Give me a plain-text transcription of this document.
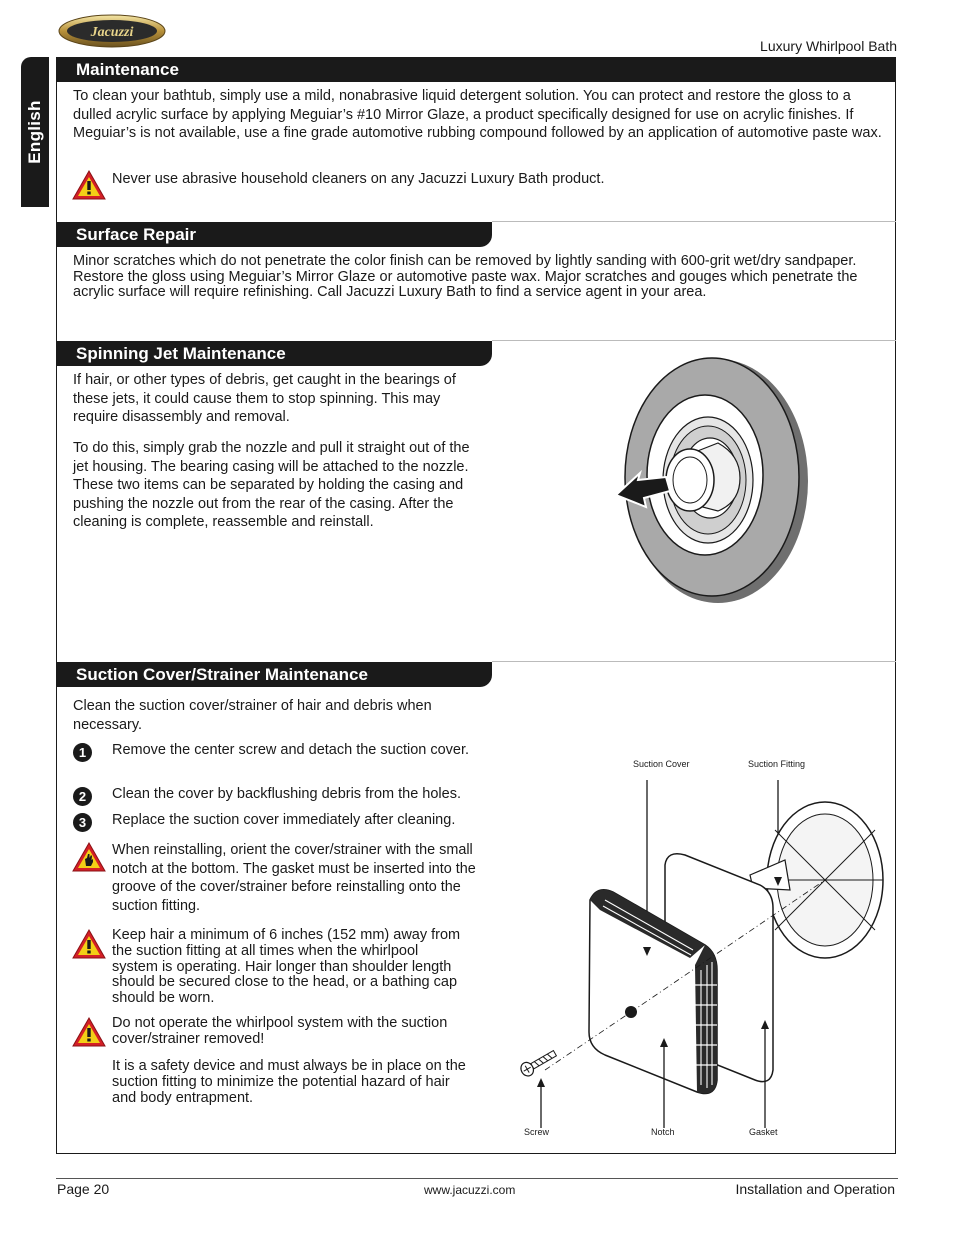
Jacuzzi
Luxury Whirlpool Bath
English
Maintenance
To clean your bathtub, simply use a mild, nonabrasive liquid detergent solution. You can protect and restore the gloss to a dulled acrylic surface by applying Meguiar’s #10 Mirror Glaze, a product specifically designed for use on acrylic finishes. If Meguiar’s is not available, use a fine grade automotive rubbing compound followed by an application of automotive paste wax.
Never use abrasive household cleaners on any Jacuzzi Luxury Bath product.
Surface Repair
Minor scratches which do not penetrate the color finish can be removed by lightly sanding with 600-grit wet/dry sandpaper. Restore the gloss using Meguiar’s Mirror Glaze or automotive paste wax. Major scratches and gouges which penetrate the acrylic surface will require refinishing. Call Jacuzzi Luxury Bath to find a service agent in your area.
Spinning Jet Maintenance
If hair, or other types of debris, get caught in the bearings of these jets, it could cause them to stop spinning. This may require disassembly and removal.
To do this, simply grab the nozzle and pull it straight out of the jet housing. The bearing casing will be attached to the nozzle. These two items can be separated by holding the casing and pushing the nozzle out from the rear of the casing. After the cleaning is complete, reassemble and reinstall.
Suction Cover/Strainer Maintenance
Clean the suction cover/strainer of hair and debris when necessary.
1	Remove the center screw and detach the suction cover.
2	Clean the cover by backflushing debris from the holes.
3	Replace the suction cover immediately after cleaning.
When reinstalling, orient the cover/strainer with the small notch at the bottom. The gasket must be inserted into the groove of the cover/strainer before reinstalling onto the suction fitting.
Keep hair a minimum of 6 inches (152 mm) away from the suction fitting at all times when the whirlpool system is operating. Hair longer than shoulder length should be secured close to the head, or a bathing cap should be worn.
Do not operate the whirlpool system with the suction cover/strainer removed!
It is a safety device and must always be in place on the suction fitting to minimize the potential hazard of hair and body entrapment.
Suction Cover	Suction Fitting
Screw	Notch	Gasket
Page 20	www.jacuzzi.com	Installation and Operation
